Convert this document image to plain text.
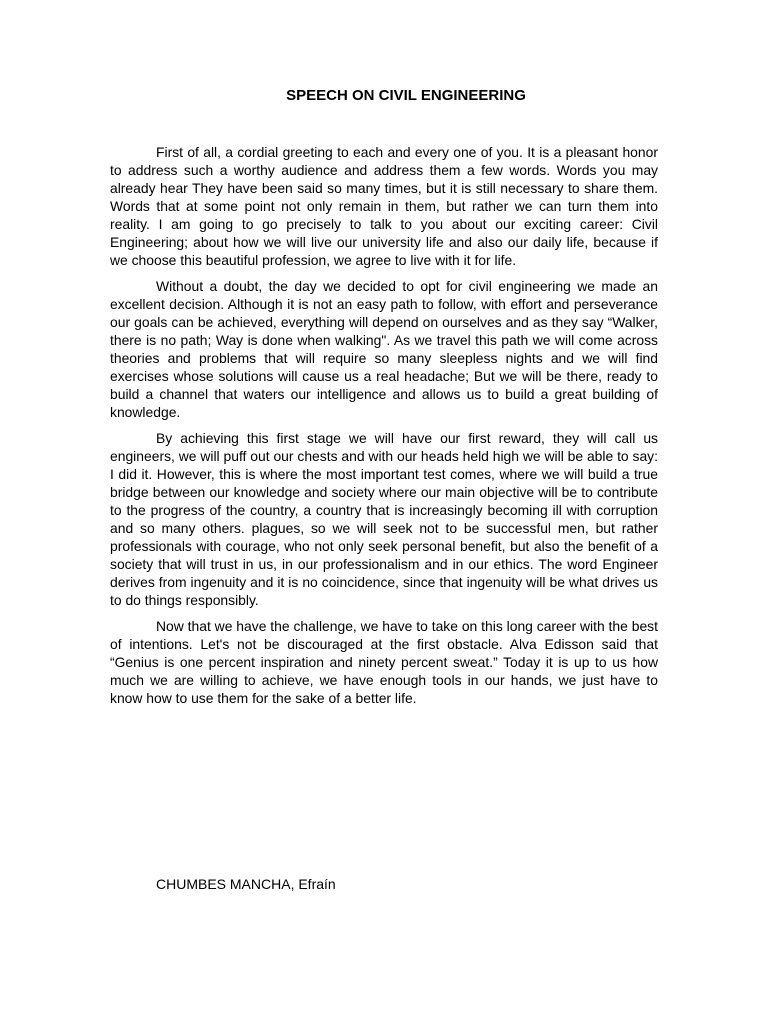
SPEECH ON CIVIL ENGINEERING

First of all, a cordial greeting to each and every one of you. It is a pleasant honor to address such a worthy audience and address them a few words. Words you may already hear They have been said so many times, but it is still necessary to share them. Words that at some point not only remain in them, but rather we can turn them into reality. I am going to go precisely to talk to you about our exciting career: Civil Engineering; about how we will live our university life and also our daily life, because if we choose this beautiful profession, we agree to live with it for life.

Without a doubt, the day we decided to opt for civil engineering we made an excellent decision. Although it is not an easy path to follow, with effort and perseverance our goals can be achieved, everything will depend on ourselves and as they say “Walker, there is no path; Way is done when walking". As we travel this path we will come across theories and problems that will require so many sleepless nights and we will find exercises whose solutions will cause us a real headache; But we will be there, ready to build a channel that waters our intelligence and allows us to build a great building of knowledge.

By achieving this first stage we will have our first reward, they will call us engineers, we will puff out our chests and with our heads held high we will be able to say: I did it. However, this is where the most important test comes, where we will build a true bridge between our knowledge and society where our main objective will be to contribute to the progress of the country, a country that is increasingly becoming ill with corruption and so many others. plagues, so we will seek not to be successful men, but rather professionals with courage, who not only seek personal benefit, but also the benefit of a society that will trust in us, in our professionalism and in our ethics. The word Engineer derives from ingenuity and it is no coincidence, since that ingenuity will be what drives us to do things responsibly.

Now that we have the challenge, we have to take on this long career with the best of intentions. Let's not be discouraged at the first obstacle. Alva Edisson said that “Genius is one percent inspiration and ninety percent sweat.” Today it is up to us how much we are willing to achieve, we have enough tools in our hands, we just have to know how to use them for the sake of a better life.

CHUMBES MANCHA, Efraín
